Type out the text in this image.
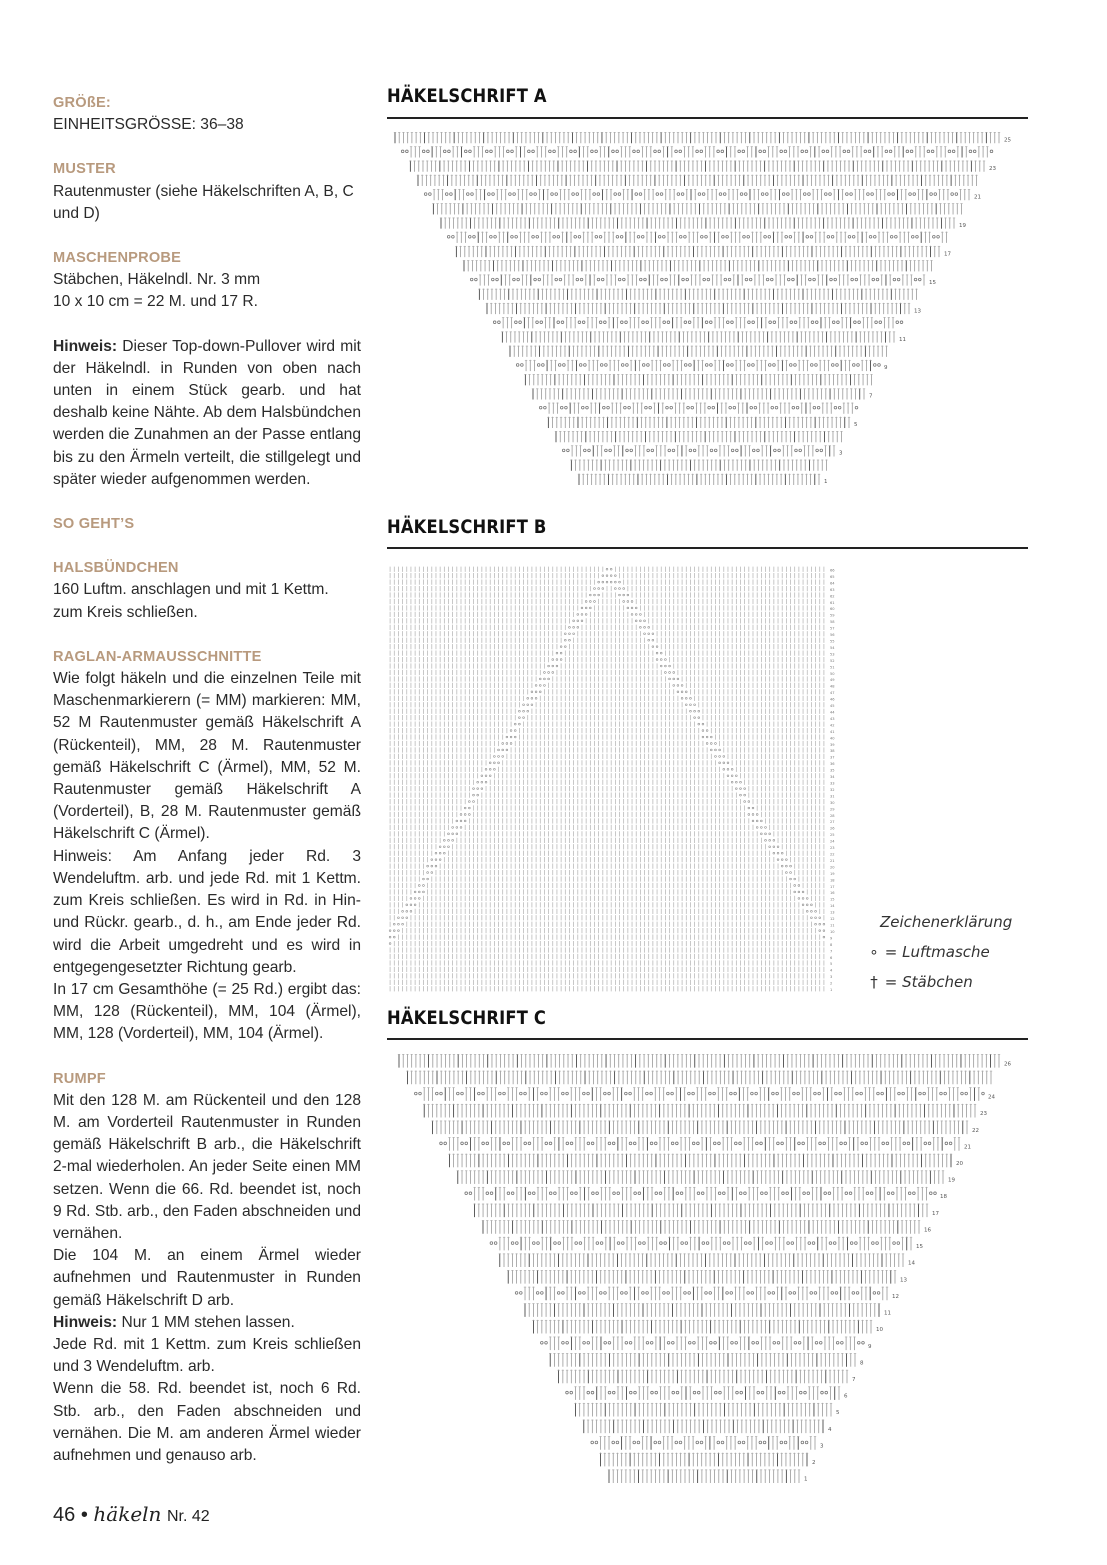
GRÖßE:

EINHEITSGRÖSSE: 36–38

MUSTER

Rautenmuster (siehe Häkelschriften A, B, C und D)

MASCHENPROBE

Stäbchen, Häkelndl. Nr. 3 mm

10 x 10 cm = 22 M. und 17 R.

Hinweis: Dieser Top-down-Pullover wird mit der Häkelndl. in Runden von oben nach unten in einem Stück gearb. und hat deshalb keine Nähte. Ab dem Halsbündchen werden die Zunahmen an der Passe entlang bis zu den Ärmeln verteilt, die stillgelegt und später wieder aufgenommen werden.

SO GEHT’S

HALSBÜNDCHEN

160 Luftm. anschlagen und mit 1 Kettm. zum Kreis schließen.

RAGLAN-ARMAUSSCHNITTE

Wie folgt häkeln und die einzelnen Teile mit Maschenmarkierern (= MM) markieren: MM, 52 M Rautenmuster gemäß Häkelschrift A (Rückenteil), MM, 28 M. Rautenmuster gemäß Häkelschrift C (Ärmel), MM, 52 M. Rautenmuster gemäß Häkelschrift A (Vorderteil), B, 28 M. Rautenmuster gemäß Häkelschrift C (Ärmel).

Hinweis: Am Anfang jeder Rd. 3 Wendeluftm. arb. und jede Rd. mit 1 Kettm. zum Kreis schließen. Es wird in Rd. in Hin- und Rückr. gearb., d. h., am Ende jeder Rd. wird die Arbeit umgedreht und es wird in entgegengesetzter Richtung gearb.

In 17 cm Gesamthöhe (= 25 Rd.) ergibt das: MM, 128 (Rückenteil), MM, 104 (Ärmel), MM, 128 (Vorderteil), MM, 104 (Ärmel).

RUMPF

Mit den 128 M. am Rückenteil und den 128 M. am Vorderteil Rautenmuster in Runden gemäß Häkelschrift B arb., die Häkelschrift 2-mal wiederholen. An jeder Seite einen MM setzen. Wenn die 66. Rd. beendet ist, noch 9 Rd. Stb. arb., den Faden abschneiden und vernähen.

Die 104 M. an einem Ärmel wieder aufnehmen und Rautenmuster in Runden gemäß Häkelschrift D arb.

Hinweis: Nur 1 MM stehen lassen.

Jede Rd. mit 1 Kettm. zum Kreis schließen und 3 Wendeluftm. arb.

Wenn die 58. Rd. beendet ist, noch 6 Rd. Stb. arb., den Faden abschneiden und vernähen. Die M. am anderen Ärmel wieder aufnehmen und genauso arb.

HÄKELSCHRIFT A
25
23
21
19
17
15
13
11
9
7
5
3
1
HÄKELSCHRIFT B
66
65
64
63
62
61
60
59
58
57
56
55
54
53
52
51
50
49
48
47
46
45
44
43
42
41
40
39
38
37
36
35
34
33
32
31
30
29
28
27
26
25
24
23
22
21
20
19
18
17
16
15
14
13
12
11
10
9
8
7
6
5
4
3
2
1
Zeichenerklärung
∘ = Luftmasche
† = Stäbchen
HÄKELSCHRIFT C
26
24
23
22
21
20
19
18
17
16
15
14
13
12
11
10
9
8
7
6
5
4
3
2
1
46 • häkeln Nr. 42
